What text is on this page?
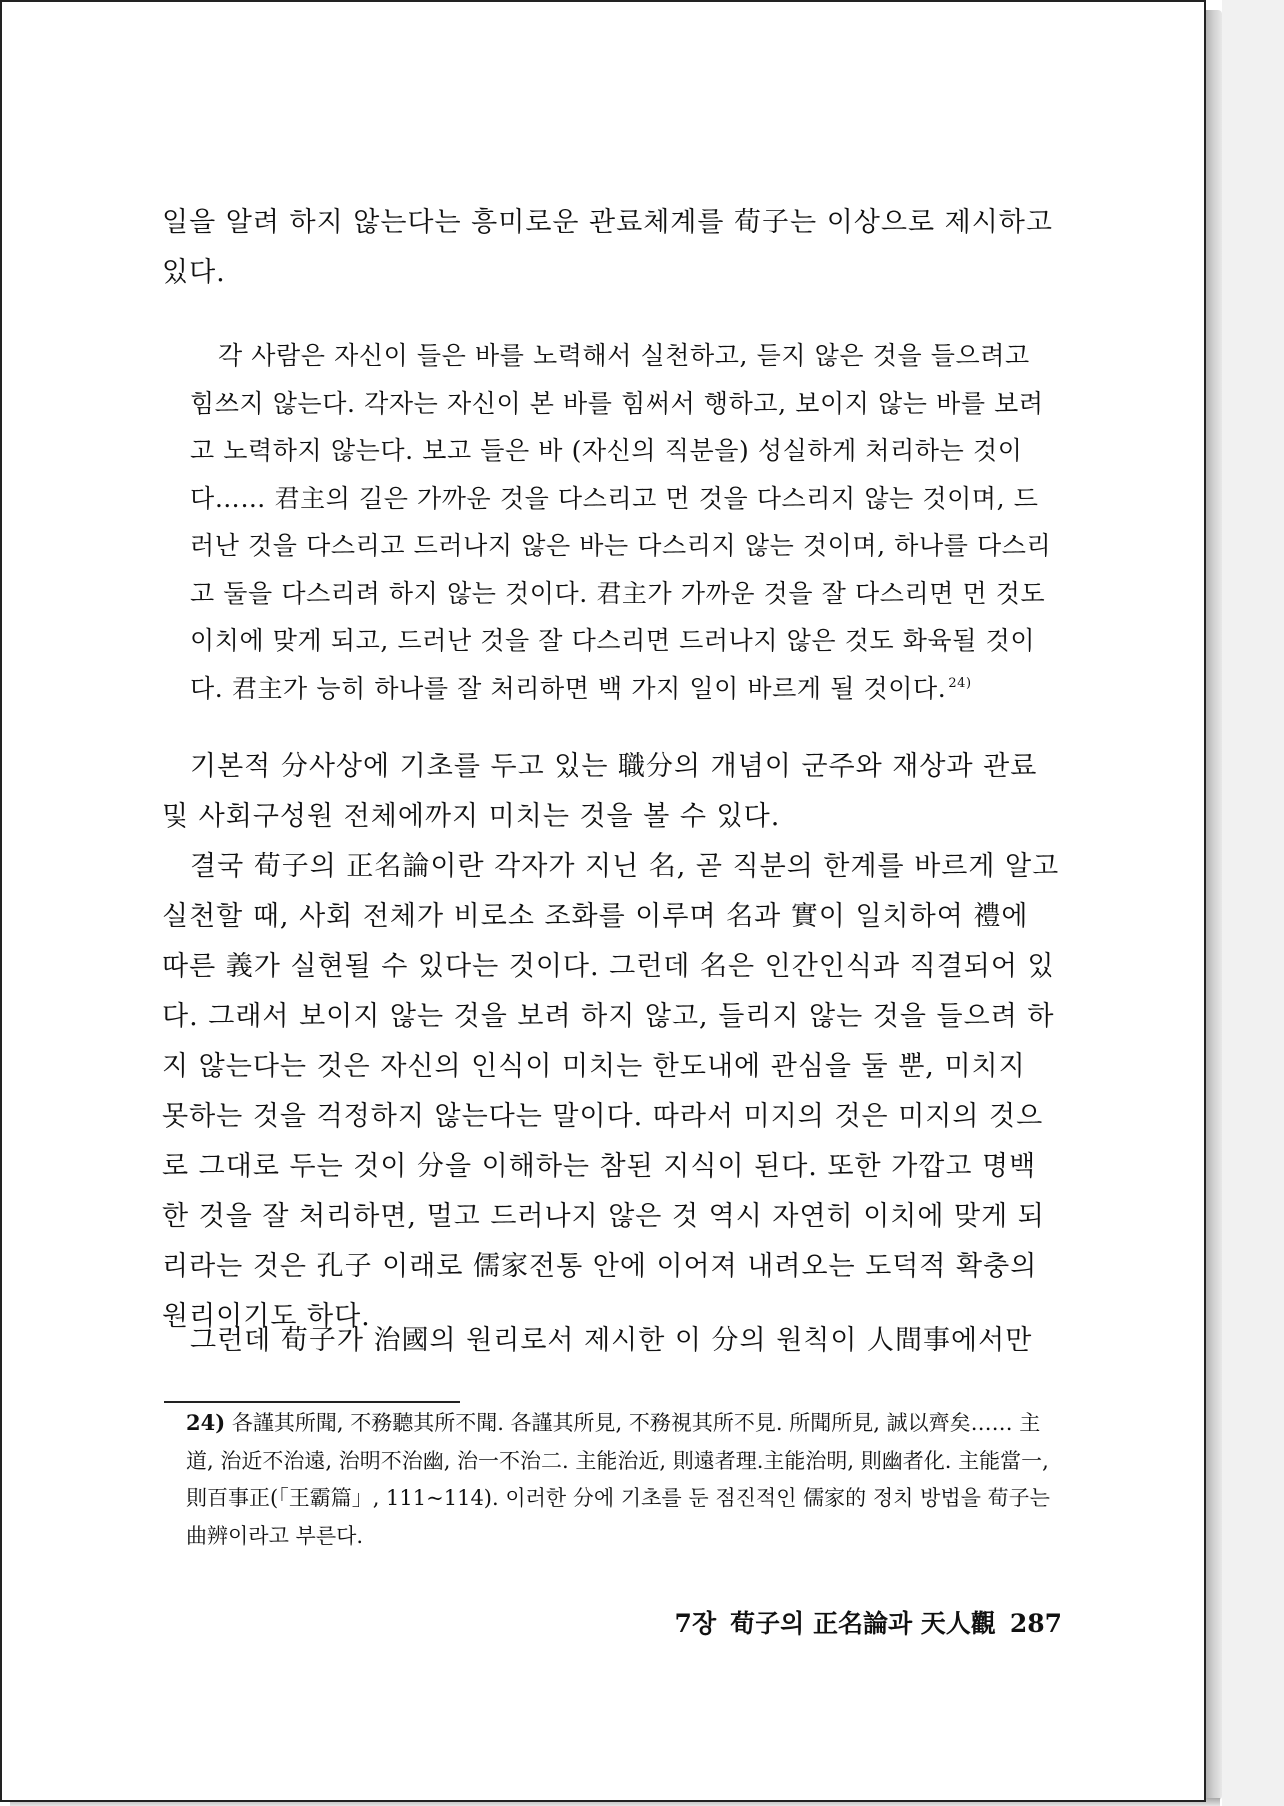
일을 알려 하지 않는다는 흥미로운 관료체계를 荀子는 이상으로 제시하고 있다.

각 사람은 자신이 들은 바를 노력해서 실천하고, 듣지 않은 것을 들으려고 힘쓰지 않는다. 각자는 자신이 본 바를 힘써서 행하고, 보이지 않는 바를 보려고 노력하지 않는다. 보고 들은 바 (자신의 직분을) 성실하게 처리하는 것이다…… 君主의 길은 가까운 것을 다스리고 먼 것을 다스리지 않는 것이며, 드러난 것을 다스리고 드러나지 않은 바는 다스리지 않는 것이며, 하나를 다스리고 둘을 다스리려 하지 않는 것이다. 君主가 가까운 것을 잘 다스리면 먼 것도 이치에 맞게 되고, 드러난 것을 잘 다스리면 드러나지 않은 것도 화육될 것이다. 君主가 능히 하나를 잘 처리하면 백 가지 일이 바르게 될 것이다. $^{24)}$

기본적 分사상에 기초를 두고 있는 職分의 개념이 군주와 재상과 관료 및 사회구성원 전체에까지 미치는 것을 볼 수 있다.

결국 荀子의 正名論이란 각자가 지닌 名, 곧 직분의 한계를 바르게 알고 실천할 때, 사회 전체가 비로소 조화를 이루며 名과 實이 일치하여 禮에 따른 義가 실현될 수 있다는 것이다. 그런데 名은 인간인식과 직결되어 있다. 그래서 보이지 않는 것을 보려 하지 않고, 들리지 않는 것을 들으려 하지 않는다는 것은 자신의 인식이 미치는 한도내에 관심을 둘 뿐, 미치지 못하는 것을 걱정하지 않는다는 말이다. 따라서 미지의 것은 미지의 것으로 그대로 두는 것이 分을 이해하는 참된 지식이 된다. 또한 가깝고 명백한 것을 잘 처리하면, 멀고 드러나지 않은 것 역시 자연히 이치에 맞게 되리라는 것은 孔子 이래로 儒家전통 안에 이어져 내려오는 도덕적 확충의 원리이기도 하다.

그런데 荀子가 治國의 원리로서 제시한 이 分의 원칙이 人間事에서만

24) 各謹其所聞, 不務聽其所不聞. 各謹其所見, 不務視其所不見. 所聞所見, 誠以齊矣…… 主道, 治近不治遠, 治明不治幽, 治一不治二. 主能治近, 則遠者理.主能治明, 則幽者化. 主能當一, 則百事正(「王霸篇」, 111~114). 이러한 分에 기초를 둔 점진적인 儒家的 정치 방법을 荀子는 曲辨이라고 부른다.

7장 荀子의 正名論과 天人觀 287
